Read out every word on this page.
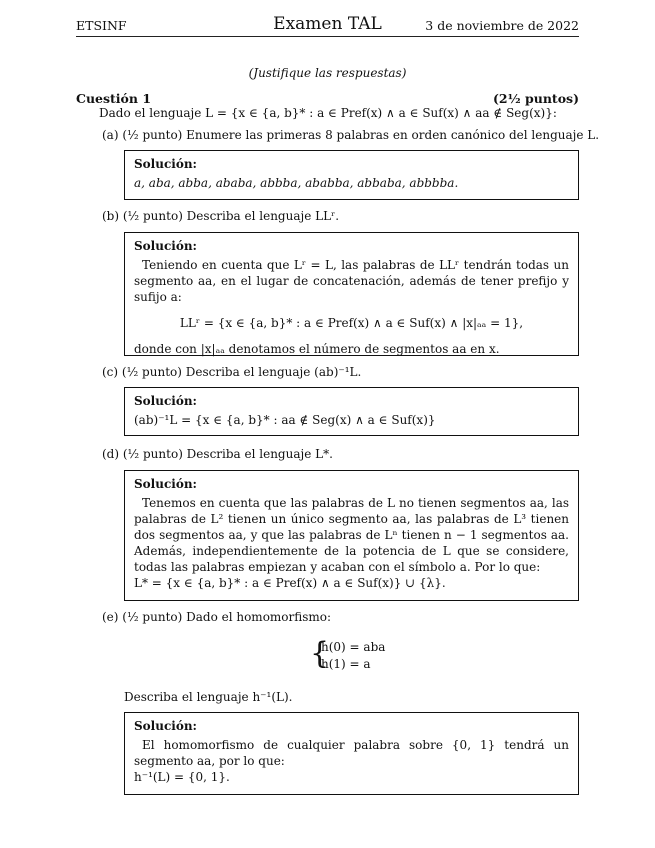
ETSINF	Examen TAL	3 de noviembre de 2022
(Justifique las respuestas)
Cuestión 1	(2½ puntos)
Dado el lenguaje L = {x ∈ {a, b}* : a ∈ Pref(x) ∧ a ∈ Suf(x) ∧ aa ∉ Seg(x)}:
(a) (½ punto) Enumere las primeras 8 palabras en orden canónico del lenguaje L.
Solución:

a, aba, abba, ababa, abbba, ababba, abbaba, abbbba.

(b) (½ punto) Describa el lenguaje LLʳ.
Solución:

Teniendo en cuenta que Lʳ = L, las palabras de LLʳ tendrán todas un segmento aa, en el lugar de concatenación, además de tener prefijo y sufijo a:

LLʳ = {x ∈ {a, b}* : a ∈ Pref(x) ∧ a ∈ Suf(x) ∧ |x|ₐₐ = 1},

donde con |x|ₐₐ denotamos el número de segmentos aa en x.

(c) (½ punto) Describa el lenguaje (ab)⁻¹L.
Solución:

(ab)⁻¹L = {x ∈ {a, b}* : aa ∉ Seg(x) ∧ a ∈ Suf(x)}

(d) (½ punto) Describa el lenguaje L*.
Solución:

Tenemos en cuenta que las palabras de L no tienen segmentos aa, las palabras de L² tienen un único segmento aa, las palabras de L³ tienen dos segmentos aa, y que las palabras de Lⁿ tienen n − 1 segmentos aa. Además, independientemente de la potencia de L que se considere, todas las palabras empiezan y acaban con el símbolo a. Por lo que:

L* = {x ∈ {a, b}* : a ∈ Pref(x) ∧ a ∈ Suf(x)} ∪ {λ}.

(e) (½ punto) Dado el homomorfismo:
{
h(0) = aba
h(1) = a
Describa el lenguaje h⁻¹(L).
Solución:

El homomorfismo de cualquier palabra sobre {0, 1} tendrá un segmento aa, por lo que:

h⁻¹(L) = {0, 1}.
